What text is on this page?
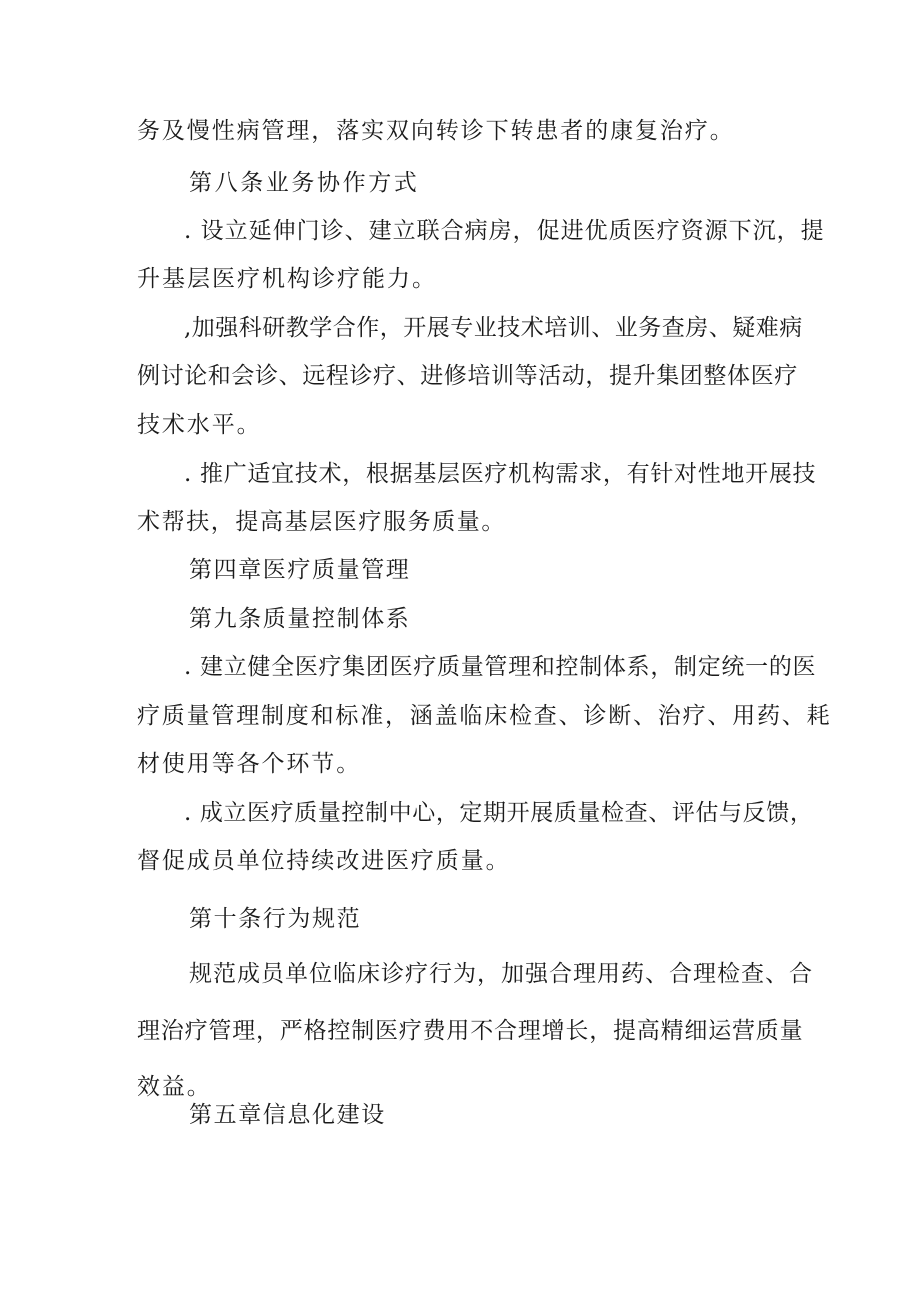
务及慢性病管理，落实双向转诊下转患者的康复治疗。
第八条业务协作方式
. 设立延伸门诊、建立联合病房，促进优质医疗资源下沉，提
升基层医疗机构诊疗能力。
,加强科研教学合作，开展专业技术培训、业务查房、疑难病
例讨论和会诊、远程诊疗、进修培训等活动，提升集团整体医疗
技术水平。
. 推广适宜技术，根据基层医疗机构需求，有针对性地开展技
术帮扶，提高基层医疗服务质量。
第四章医疗质量管理
第九条质量控制体系
. 建立健全医疗集团医疗质量管理和控制体系，制定统一的医
疗质量管理制度和标准，涵盖临床检查、诊断、治疗、用药、耗
材使用等各个环节。
. 成立医疗质量控制中心，定期开展质量检查、评估与反馈，
督促成员单位持续改进医疗质量。
第十条行为规范
规范成员单位临床诊疗行为，加强合理用药、合理检查、合
理治疗管理，严格控制医疗费用不合理增长，提高精细运营质量
效益。
第五章信息化建设
